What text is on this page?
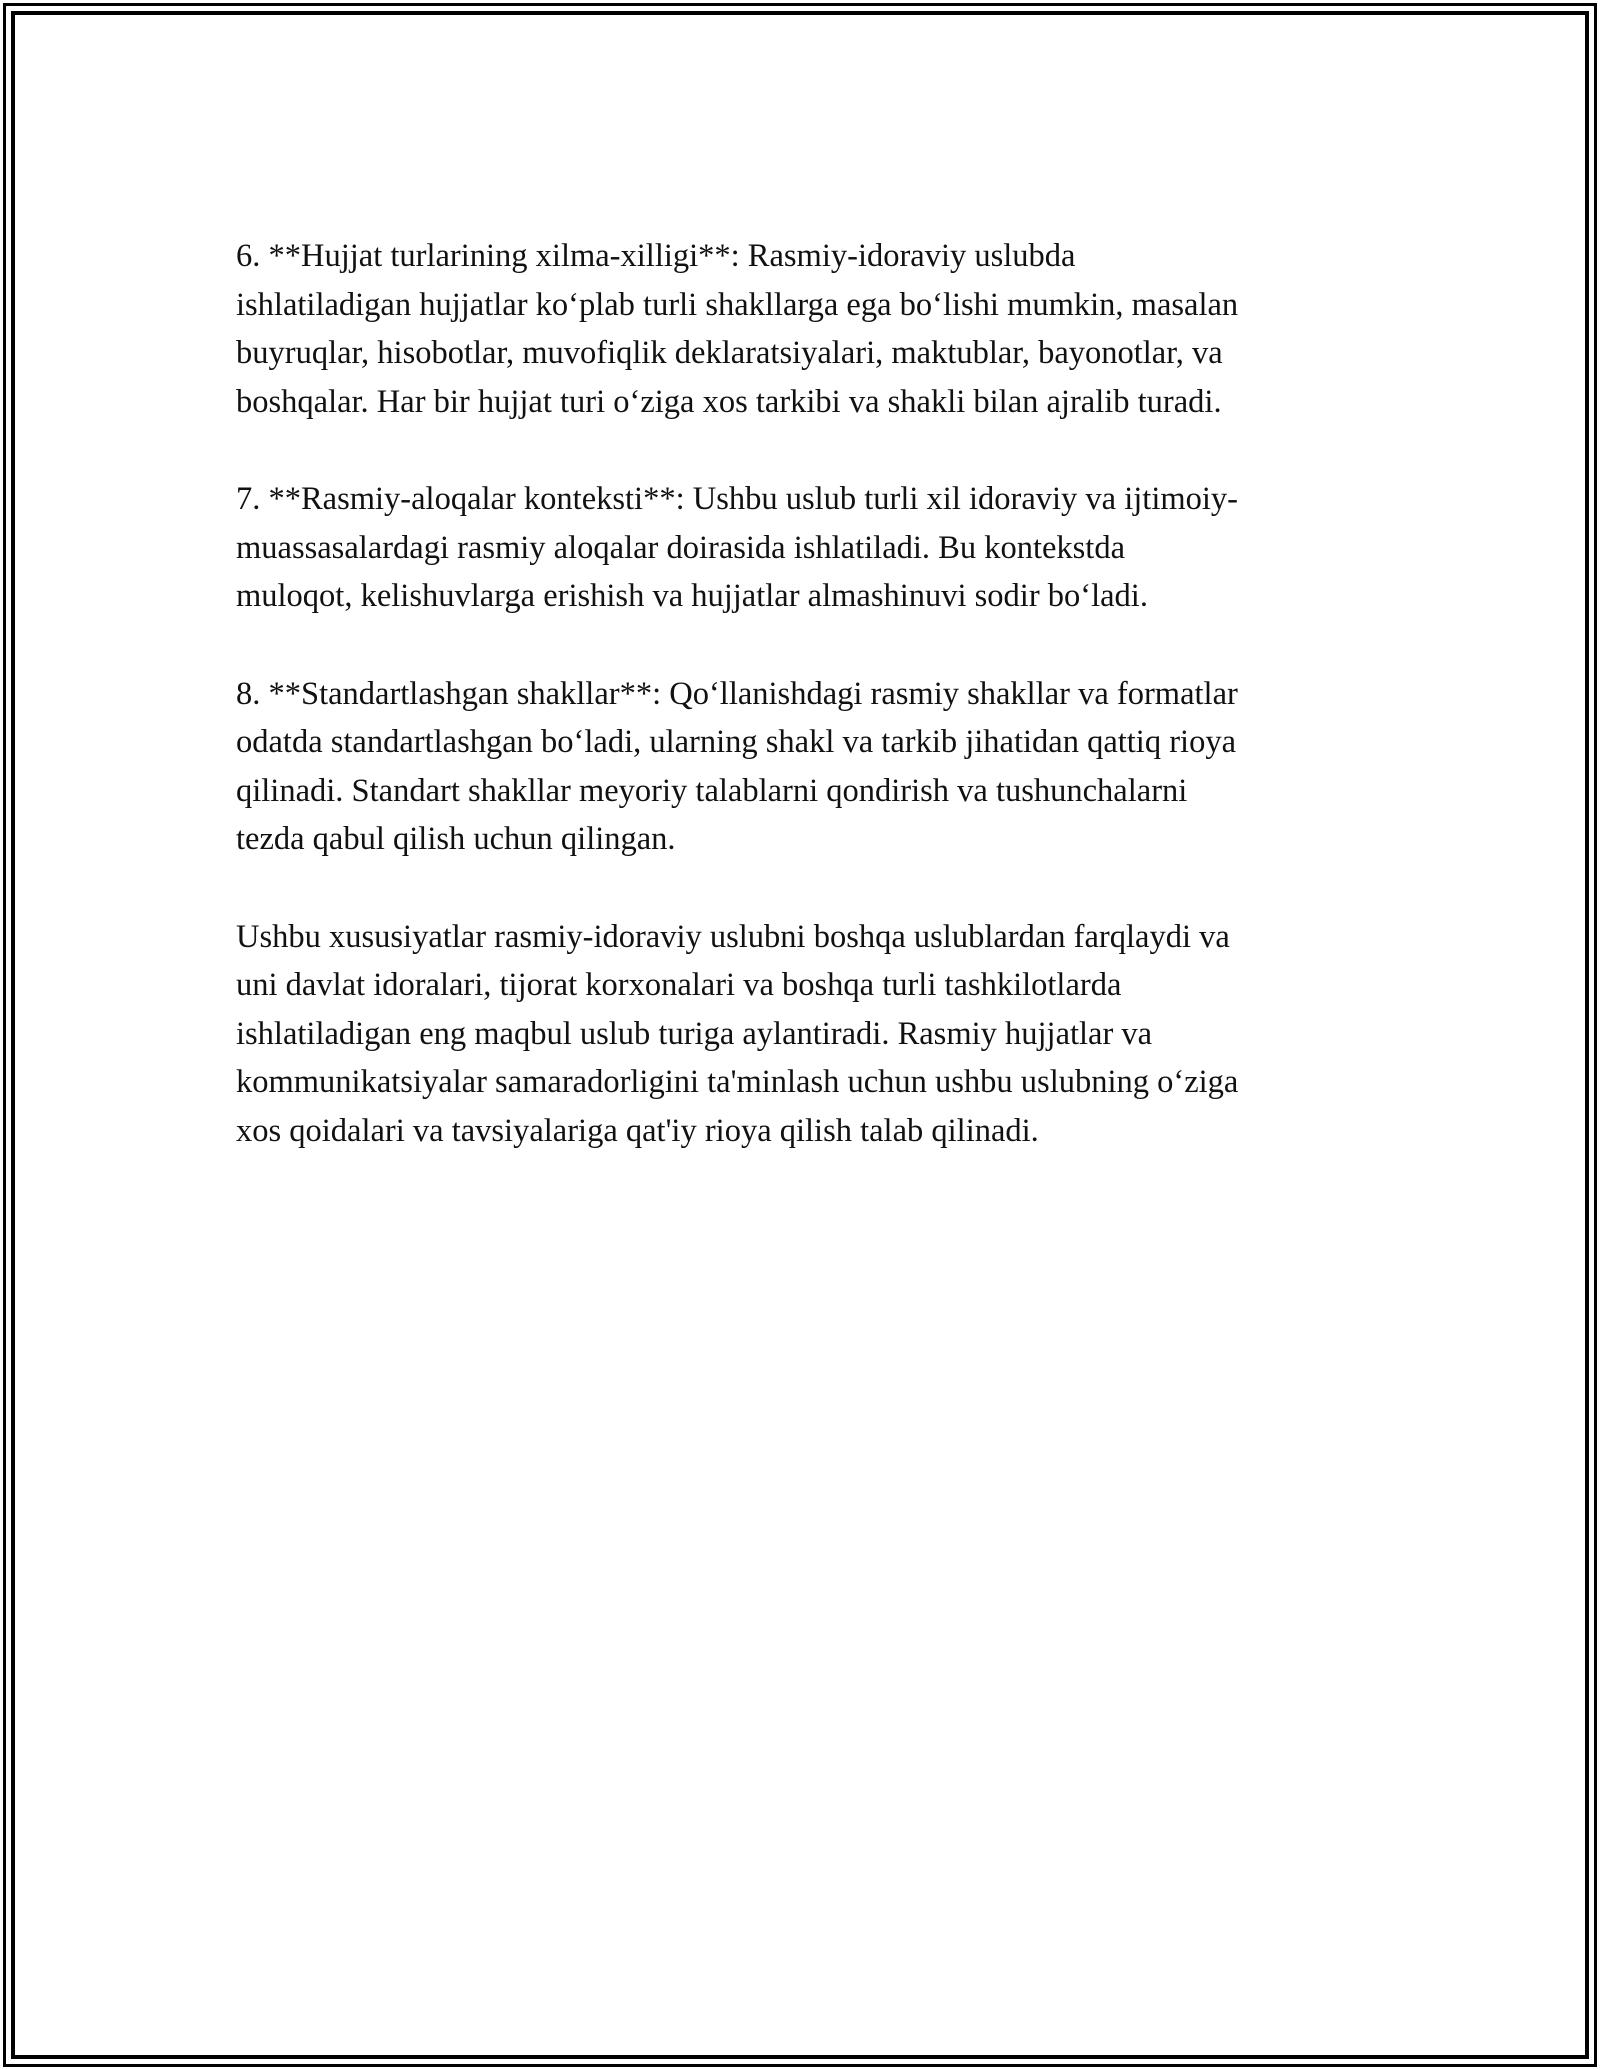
6. **Hujjat turlarining xilma-xilligi**: Rasmiy-idoraviy uslubda
ishlatiladigan hujjatlar ko‘plab turli shakllarga ega bo‘lishi mumkin, masalan
buyruqlar, hisobotlar, muvofiqlik deklaratsiyalari, maktublar, bayonotlar, va
boshqalar. Har bir hujjat turi o‘ziga xos tarkibi va shakli bilan ajralib turadi.

7. **Rasmiy-aloqalar konteksti**: Ushbu uslub turli xil idoraviy va ijtimoiy-
muassasalardagi rasmiy aloqalar doirasida ishlatiladi. Bu kontekstda
muloqot, kelishuvlarga erishish va hujjatlar almashinuvi sodir bo‘ladi.

8. **Standartlashgan shakllar**: Qo‘llanishdagi rasmiy shakllar va formatlar
odatda standartlashgan bo‘ladi, ularning shakl va tarkib jihatidan qattiq rioya
qilinadi. Standart shakllar meyoriy talablarni qondirish va tushunchalarni
tezda qabul qilish uchun qilingan.

Ushbu xususiyatlar rasmiy-idoraviy uslubni boshqa uslublardan farqlaydi va
uni davlat idoralari, tijorat korxonalari va boshqa turli tashkilotlarda
ishlatiladigan eng maqbul uslub turiga aylantiradi. Rasmiy hujjatlar va
kommunikatsiyalar samaradorligini ta'minlash uchun ushbu uslubning o‘ziga
xos qoidalari va tavsiyalariga qat'iy rioya qilish talab qilinadi.
